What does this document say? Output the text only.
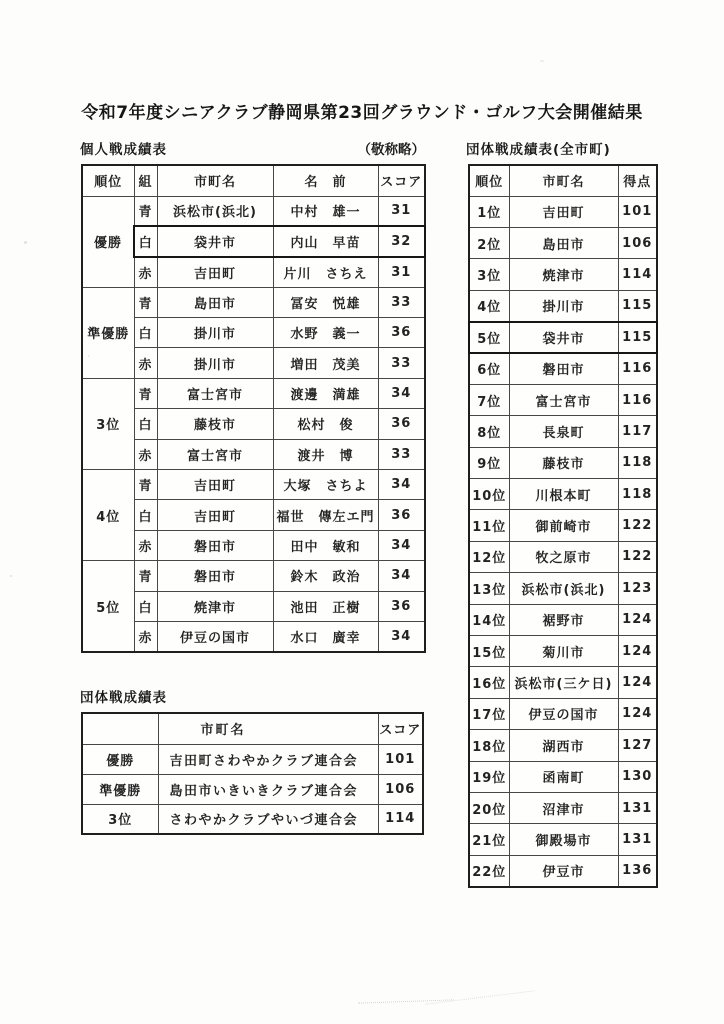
令和7年度シニアクラブ静岡県第23回グラウンド・ゴルフ大会開催結果
個人戦成績表	（敬称略）	団体戦成績表(全市町)
団体戦成績表
順位	組	市町名	名　前	スコア
優勝	青	浜松市(浜北)	中村　雄一	31
	白	袋井市	内山　早苗	32
	赤	吉田町	片川　さちえ	31
準優勝	青	島田市	冨安　悦雄	33
	白	掛川市	水野　義一	36
	赤	掛川市	増田　茂美	33
3位	青	富士宮市	渡邊　満雄	34
	白	藤枝市	松村　俊	36
	赤	富士宮市	渡井　博	33
4位	青	吉田町	大塚　さちよ	34
	白	吉田町	福世　傳左エ門	36
	赤	磐田市	田中　敏和	34
5位	青	磐田市	鈴木　政治	34
	白	焼津市	池田　正樹	36
	赤	伊豆の国市	水口　廣幸	34
順位	市町名	得点
1位	吉田町	101
2位	島田市	106
3位	焼津市	114
4位	掛川市	115
5位	袋井市	115
6位	磐田市	116
7位	富士宮市	116
8位	長泉町	117
9位	藤枝市	118
10位	川根本町	118
11位	御前崎市	122
12位	牧之原市	122
13位	浜松市(浜北)	123
14位	裾野市	124
15位	菊川市	124
16位	浜松市(三ケ日)	124
17位	伊豆の国市	124
18位	湖西市	127
19位	函南町	130
20位	沼津市	131
21位	御殿場市	131
22位	伊豆市	136
	市町名	スコア
優勝	吉田町さわやかクラブ連合会	101
準優勝	島田市いきいきクラブ連合会	106
3位	さわやかクラブやいづ連合会	114
